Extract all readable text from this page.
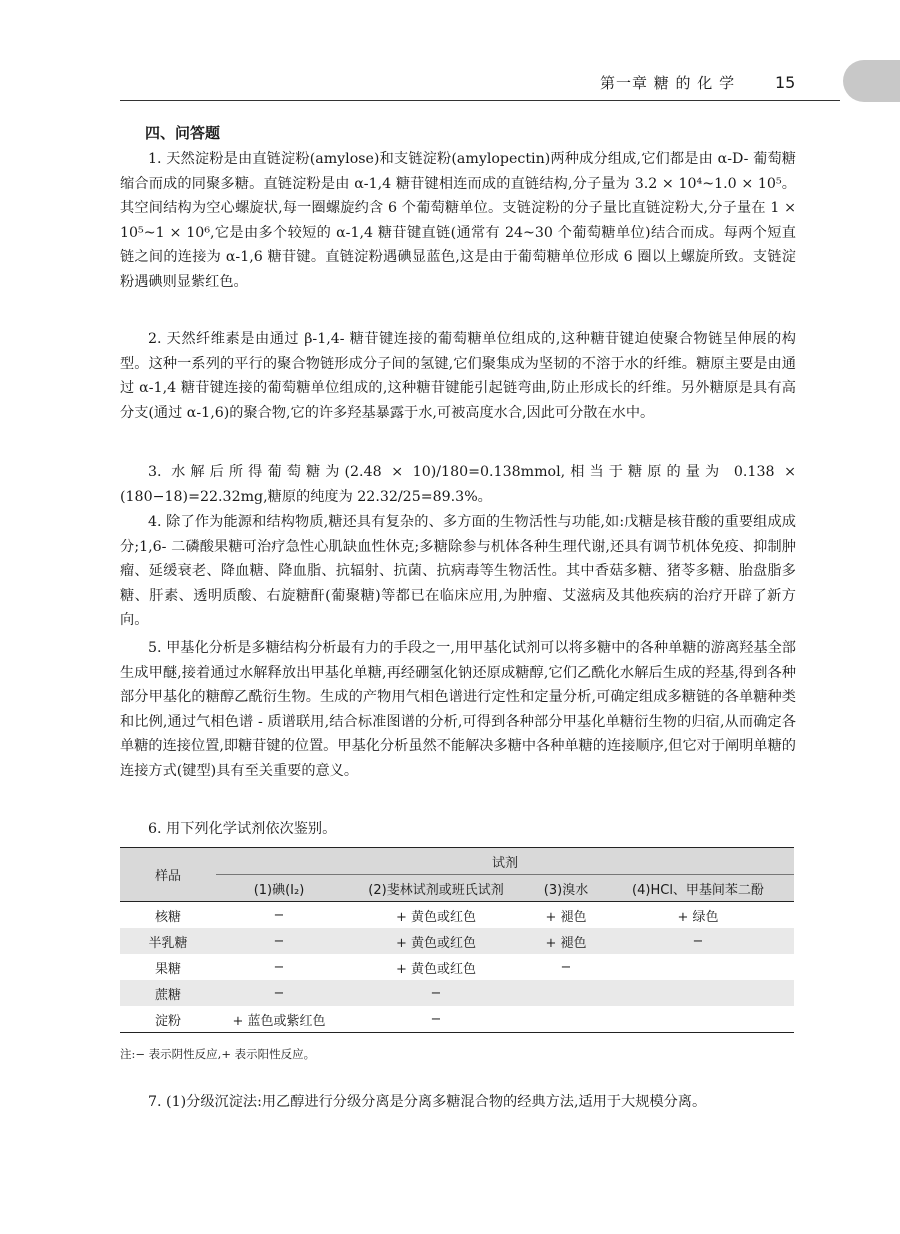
第一章 糖 的 化 学 15
四、问答题

1. 天然淀粉是由直链淀粉(amylose)和支链淀粉(amylopectin)两种成分组成,它们都是由 α-D- 葡萄糖缩合而成的同聚多糖。直链淀粉是由 α-1,4 糖苷键相连而成的直链结构,分子量为 3.2 × 10⁴~1.0 × 10⁵。其空间结构为空心螺旋状,每一圈螺旋约含 6 个葡萄糖单位。支链淀粉的分子量比直链淀粉大,分子量在 1 × 10⁵~1 × 10⁶,它是由多个较短的 α-1,4 糖苷键直链(通常有 24~30 个葡萄糖单位)结合而成。每两个短直链之间的连接为 α-1,6 糖苷键。直链淀粉遇碘显蓝色,这是由于葡萄糖单位形成 6 圈以上螺旋所致。支链淀粉遇碘则显紫红色。

2. 天然纤维素是由通过 β-1,4- 糖苷键连接的葡萄糖单位组成的,这种糖苷键迫使聚合物链呈伸展的构型。这种一系列的平行的聚合物链形成分子间的氢键,它们聚集成为坚韧的不溶于水的纤维。糖原主要是由通过 α-1,4 糖苷键连接的葡萄糖单位组成的,这种糖苷键能引起链弯曲,防止形成长的纤维。另外糖原是具有高分支(通过 α-1,6)的聚合物,它的许多羟基暴露于水,可被高度水合,因此可分散在水中。

3. 水解后所得葡萄糖为(2.48 × 10)/180=0.138mmol,相当于糖原的量为 0.138 × (180−18)=22.32mg,糖原的纯度为 22.32/25=89.3%。

4. 除了作为能源和结构物质,糖还具有复杂的、多方面的生物活性与功能,如:戊糖是核苷酸的重要组成成分;1,6- 二磷酸果糖可治疗急性心肌缺血性休克;多糖除参与机体各种生理代谢,还具有调节机体免疫、抑制肿瘤、延缓衰老、降血糖、降血脂、抗辐射、抗菌、抗病毒等生物活性。其中香菇多糖、猪苓多糖、胎盘脂多糖、肝素、透明质酸、右旋糖酐(葡聚糖)等都已在临床应用,为肿瘤、艾滋病及其他疾病的治疗开辟了新方向。

5. 甲基化分析是多糖结构分析最有力的手段之一,用甲基化试剂可以将多糖中的各种单糖的游离羟基全部生成甲醚,接着通过水解释放出甲基化单糖,再经硼氢化钠还原成糖醇,它们乙酰化水解后生成的羟基,得到各种部分甲基化的糖醇乙酰衍生物。生成的产物用气相色谱进行定性和定量分析,可确定组成多糖链的各单糖种类和比例,通过气相色谱 - 质谱联用,结合标准图谱的分析,可得到各种部分甲基化单糖衍生物的归宿,从而确定各单糖的连接位置,即糖苷键的位置。甲基化分析虽然不能解决多糖中各种单糖的连接顺序,但它对于阐明单糖的连接方式(键型)具有至关重要的意义。

6. 用下列化学试剂依次鉴别。

样品	试剂			
	(1)碘(I₂)	(2)斐林试剂或班氏试剂	(3)溴水	(4)HCl、甲基间苯二酚
核糖	−	+ 黄色或红色	+ 褪色	+ 绿色
半乳糖	−	+ 黄色或红色	+ 褪色	−
果糖	−	+ 黄色或红色	−	
蔗糖	−	−		
淀粉	+ 蓝色或紫红色	−		
注:− 表示阴性反应,+ 表示阳性反应。

7. (1)分级沉淀法:用乙醇进行分级分离是分离多糖混合物的经典方法,适用于大规模分离。
